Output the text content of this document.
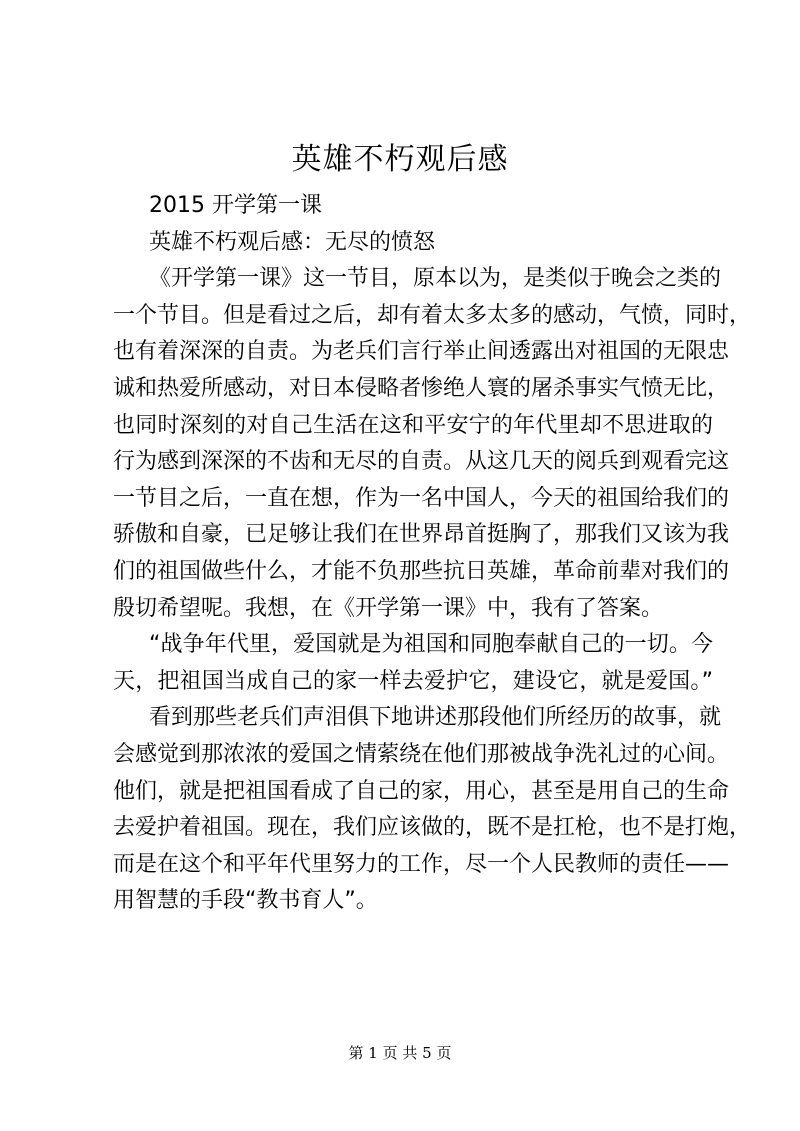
英雄不朽观后感
2015 开学第一课
英雄不朽观后感：无尽的愤怒
《开学第一课》这一节目，原本以为，是类似于晚会之类的
一个节目。但是看过之后，却有着太多太多的感动，气愤，同时，
也有着深深的自责。为老兵们言行举止间透露出对祖国的无限忠
诚和热爱所感动，对日本侵略者惨绝人寰的屠杀事实气愤无比，
也同时深刻的对自己生活在这和平安宁的年代里却不思进取的
行为感到深深的不齿和无尽的自责。从这几天的阅兵到观看完这
一节目之后，一直在想，作为一名中国人，今天的祖国给我们的
骄傲和自豪，已足够让我们在世界昂首挺胸了，那我们又该为我
们的祖国做些什么，才能不负那些抗日英雄，革命前辈对我们的
殷切希望呢。我想，在《开学第一课》中，我有了答案。
“战争年代里，爱国就是为祖国和同胞奉献自己的一切。今
天，把祖国当成自己的家一样去爱护它，建设它，就是爱国。”
看到那些老兵们声泪俱下地讲述那段他们所经历的故事，就
会感觉到那浓浓的爱国之情萦绕在他们那被战争洗礼过的心间。
他们，就是把祖国看成了自己的家，用心，甚至是用自己的生命
去爱护着祖国。现在，我们应该做的，既不是扛枪，也不是打炮，
而是在这个和平年代里努力的工作，尽一个人民教师的责任——
用智慧的手段“教书育人”。
第 1 页 共 5 页
